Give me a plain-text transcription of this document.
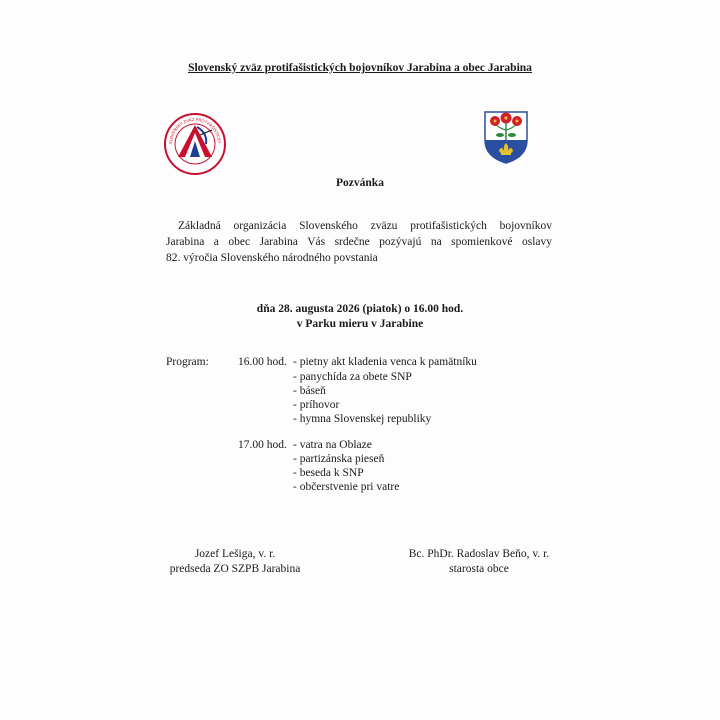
Slovenský zväz protifašistických bojovníkov Jarabina a obec Jarabina
SLOVENSKÝ ZVÄZ PROTIFAŠISTICKÝ
Pozvánka
Základná organizácia Slovenského zväzu protifašistických bojovníkov
Jarabina a obec Jarabina Vás srdečne pozývajú na spomienkové oslavy
82. výročia Slovenského národného povstania
dňa 28. augusta 2026 (piatok) o 16.00 hod.
v Parku mieru v Jarabine
Program:	16.00 hod. - pietny akt kladenia venca k pamätníku
- panychída za obete SNP
- báseň
- príhovor
- hymna Slovenskej republiky
17.00 hod. - vatra na Oblaze
- partizánska pieseň
- beseda k SNP
- občerstvenie pri vatre
Jozef Lešiga, v. r.
predseda ZO SZPB Jarabina
Bc. PhDr. Radoslav Beňo, v. r.
starosta obce
